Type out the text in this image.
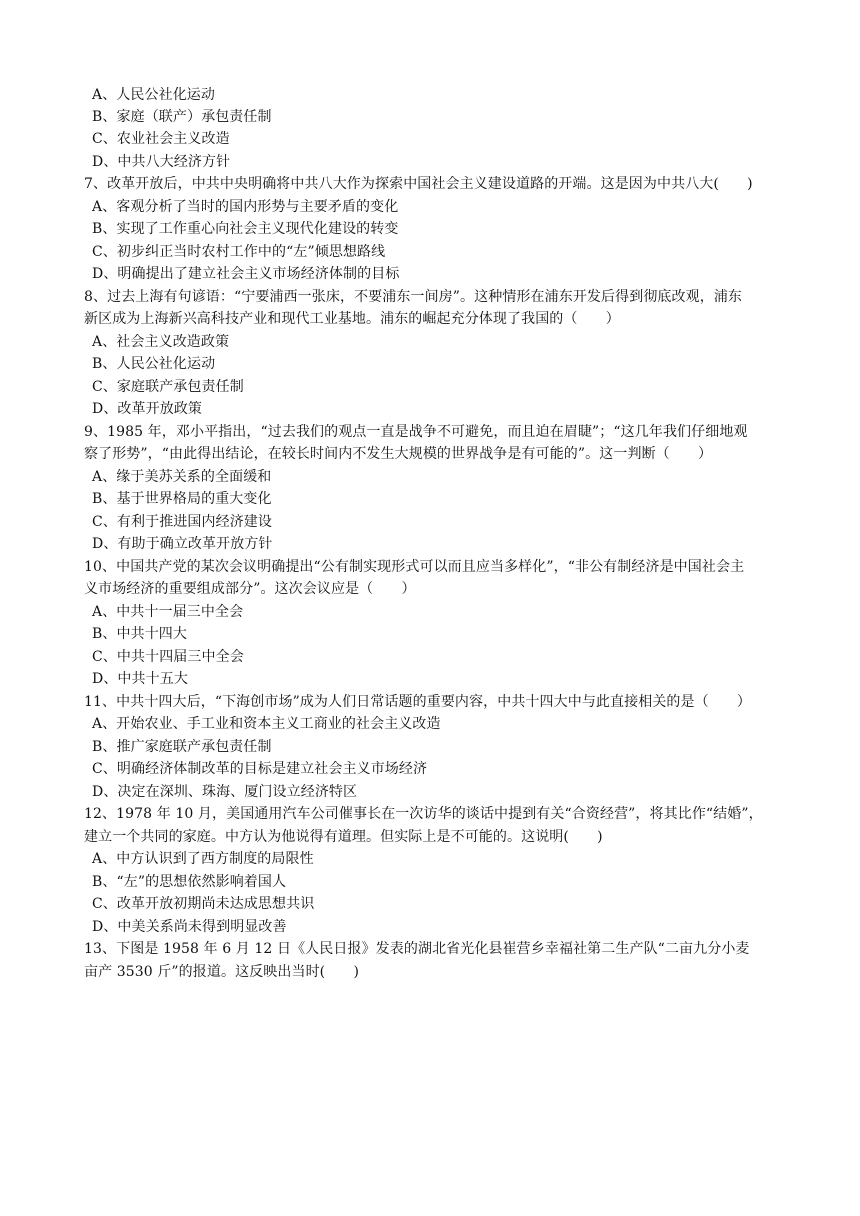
A、人民公社化运动
B、家庭（联产）承包责任制
C、农业社会主义改造
D、中共八大经济方针
7、改革开放后，中共中央明确将中共八大作为探索中国社会主义建设道路的开端。这是因为中共八大(　　)
A、客观分析了当时的国内形势与主要矛盾的变化
B、实现了工作重心向社会主义现代化建设的转变
C、初步纠正当时农村工作中的“左”倾思想路线
D、明确提出了建立社会主义市场经济体制的目标
8、过去上海有句谚语：“宁要浦西一张床，不要浦东一间房”。这种情形在浦东开发后得到彻底改观，浦东
新区成为上海新兴高科技产业和现代工业基地。浦东的崛起充分体现了我国的（　　）
A、社会主义改造政策
B、人民公社化运动
C、家庭联产承包责任制
D、改革开放政策
9、1985 年，邓小平指出，“过去我们的观点一直是战争不可避免，而且迫在眉睫”；“这几年我们仔细地观
察了形势”，“由此得出结论，在较长时间内不发生大规模的世界战争是有可能的”。这一判断（　　）
A、缘于美苏关系的全面缓和
B、基于世界格局的重大变化
C、有利于推进国内经济建设
D、有助于确立改革开放方针
10、中国共产党的某次会议明确提出“公有制实现形式可以而且应当多样化”，“非公有制经济是中国社会主
义市场经济的重要组成部分”。这次会议应是（　　）
A、中共十一届三中全会
B、中共十四大
C、中共十四届三中全会
D、中共十五大
11、中共十四大后，“下海创市场”成为人们日常话题的重要内容，中共十四大中与此直接相关的是（　　）
A、开始农业、手工业和资本主义工商业的社会主义改造
B、推广家庭联产承包责任制
C、明确经济体制改革的目标是建立社会主义市场经济
D、决定在深圳、珠海、厦门设立经济特区
12、1978 年 10 月，美国通用汽车公司催事长在一次访华的谈话中提到有关“合资经营”，将其比作“结婚”，
建立一个共同的家庭。中方认为他说得有道理。但实际上是不可能的。这说明(　　)
A、中方认识到了西方制度的局限性
B、“左”的思想依然影响着国人
C、改革开放初期尚未达成思想共识
D、中美关系尚未得到明显改善
13、下图是 1958 年 6 月 12 日《人民日报》发表的湖北省光化县崔营乡幸福社第二生产队“二亩九分小麦
亩产 3530 斤”的报道。这反映出当时(　　)
